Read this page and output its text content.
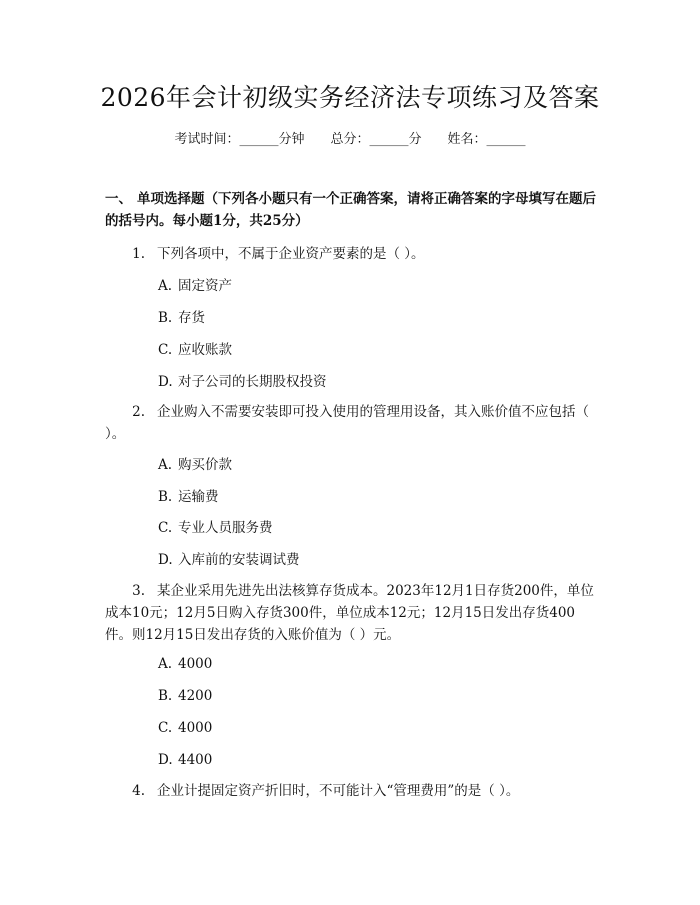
2026年会计初级实务经济法专项练习及答案
考试时间：______分钟 总分：______分 姓名：______
一、 单项选择题（下列各小题只有一个正确答案，请将正确答案的字母填写在题后的括号内。每小题1分，共25分）
1. 下列各项中，不属于企业资产要素的是（ ）。
A. 固定资产
B. 存货
C. 应收账款
D. 对子公司的长期股权投资
2. 企业购入不需要安装即可投入使用的管理用设备，其入账价值不应包括（ ）。
A. 购买价款
B. 运输费
C. 专业人员服务费
D. 入库前的安装调试费
3. 某企业采用先进先出法核算存货成本。2023年12月1日存货200件，单位成本10元；12月5日购入存货300件，单位成本12元；12月15日发出存货400件。则12月15日发出存货的入账价值为（ ）元。
A. 4000
B. 4200
C. 4000
D. 4400
4. 企业计提固定资产折旧时，不可能计入“管理费用”的是（ ）。
